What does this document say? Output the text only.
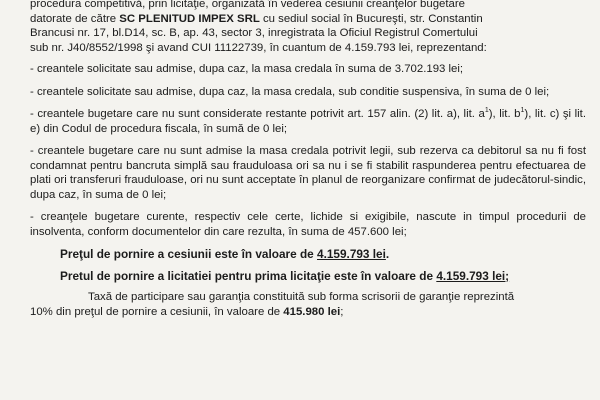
procedura competitivă, prin licitaţie, organizată în vederea cesiunii creanţelor bugetare
datorate de către SC PLENITUD IMPEX SRL cu sediul social în Bucureşti, str. Constantin
Brancusi nr. 17, bl.D14, sc. B, ap. 43, sector 3, inregistrata la Oficiul Registrul Comertului
sub nr. J40/8552/1998 şi avand CUI 11122739, în cuantum de 4.159.793 lei, reprezentand:

- creantele solicitate sau admise, dupa caz, la masa credala în suma de 3.702.193 lei;

- creantele solicitate sau admise, dupa caz, la masa credala, sub conditie suspensiva, în suma de 0 lei;

- creantele bugetare care nu sunt considerate restante potrivit art. 157 alin. (2) lit. a), lit. $a^1$), lit. $b^1$), lit. c) şi lit. e) din Codul de procedura fiscala, în sumă de 0 lei;

- creantele bugetare care nu sunt admise la masa credala potrivit legii, sub rezerva ca debitorul sa nu fi fost condamnat pentru bancruta simplă sau frauduloasa ori sa nu i se fi stabilit raspunderea pentru efectuarea de plati ori transferuri frauduloase, ori nu sunt acceptate în planul de reorganizare confirmat de judecătorul-sindic, dupa caz, în suma de 0 lei;

- creanţele bugetare curente, respectiv cele certe, lichide si exigibile, nascute in timpul procedurii de insolventa, conform documentelor din care rezulta, în suma de 457.600 lei;

Preţul de pornire a cesiunii este în valoare de 4.159.793 lei.
Pretul de pornire a licitatiei pentru prima licitaţie este în valoare de 4.159.793 lei;

Taxă de participare sau garanţia constituită sub forma scrisorii de garanţie reprezintă
10% din preţul de pornire a cesiunii, în valoare de 415.980 lei;
